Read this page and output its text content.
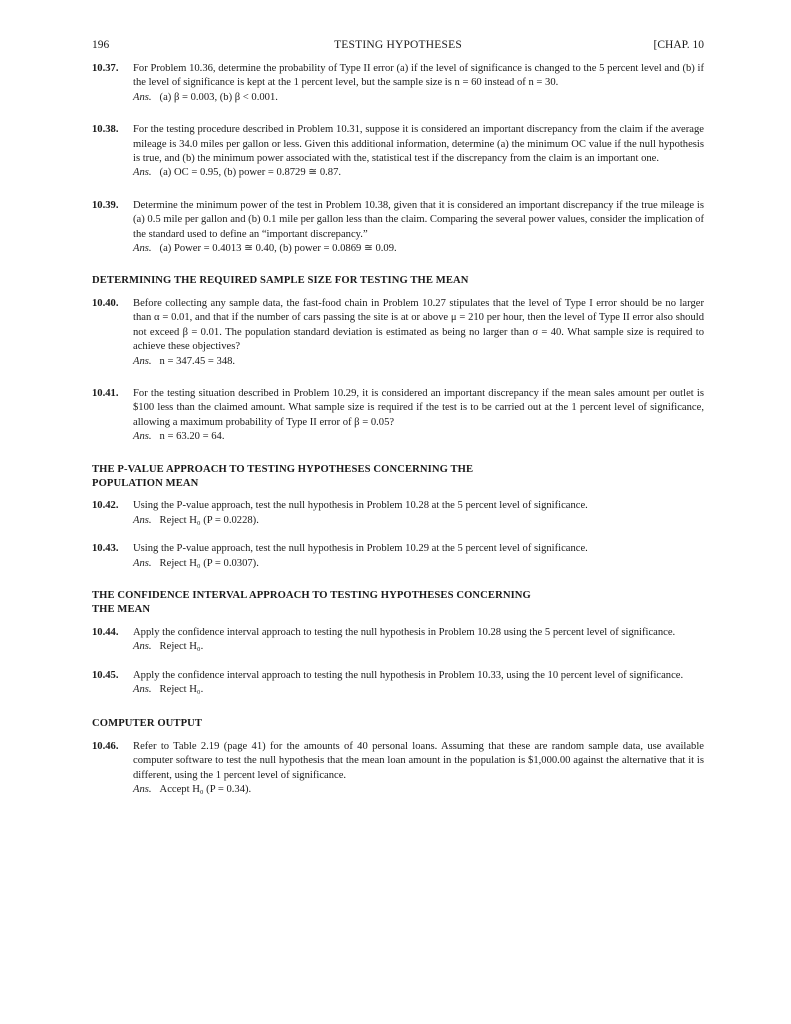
196	TESTING HYPOTHESES	[CHAP. 10
10.37. For Problem 10.36, determine the probability of Type II error (a) if the level of significance is changed to the 5 percent level and (b) if the level of significance is kept at the 1 percent level, but the sample size is n = 60 instead of n = 30.

Ans. (a) β = 0.003, (b) β < 0.001.

10.38. For the testing procedure described in Problem 10.31, suppose it is considered an important discrepancy from the claim if the average mileage is 34.0 miles per gallon or less. Given this additional information, determine (a) the minimum OC value if the null hypothesis is true, and (b) the minimum power associated with the, statistical test if the discrepancy from the claim is an important one.

Ans. (a) OC = 0.95, (b) power = 0.8729 ≅ 0.87.

10.39. Determine the minimum power of the test in Problem 10.38, given that it is considered an important discrepancy if the true mileage is (a) 0.5 mile per gallon and (b) 0.1 mile per gallon less than the claim. Comparing the several power values, consider the implication of the standard used to define an “important discrepancy.”

Ans. (a) Power = 0.4013 ≅ 0.40, (b) power = 0.0869 ≅ 0.09.

DETERMINING THE REQUIRED SAMPLE SIZE FOR TESTING THE MEAN
10.40. Before collecting any sample data, the fast-food chain in Problem 10.27 stipulates that the level of Type I error should be no larger than α = 0.01, and that if the number of cars passing the site is at or above μ = 210 per hour, then the level of Type II error also should not exceed β = 0.01. The population standard deviation is estimated as being no larger than σ = 40. What sample size is required to achieve these objectives?

Ans. n = 347.45 = 348.

10.41. For the testing situation described in Problem 10.29, it is considered an important discrepancy if the mean sales amount per outlet is $100 less than the claimed amount. What sample size is required if the test is to be carried out at the 1 percent level of significance, allowing a maximum probability of Type II error of β = 0.05?

Ans. n = 63.20 = 64.

THE P-VALUE APPROACH TO TESTING HYPOTHESES CONCERNING THE
POPULATION MEAN
10.42. Using the P-value approach, test the null hypothesis in Problem 10.28 at the 5 percent level of significance.

Ans. Reject H₀ (P = 0.0228).

10.43. Using the P-value approach, test the null hypothesis in Problem 10.29 at the 5 percent level of significance.

Ans. Reject H₀ (P = 0.0307).

THE CONFIDENCE INTERVAL APPROACH TO TESTING HYPOTHESES CONCERNING
THE MEAN
10.44. Apply the confidence interval approach to testing the null hypothesis in Problem 10.28 using the 5 percent level of significance.

Ans. Reject H₀.

10.45. Apply the confidence interval approach to testing the null hypothesis in Problem 10.33, using the 10 percent level of significance.

Ans. Reject H₀.

COMPUTER OUTPUT
10.46. Refer to Table 2.19 (page 41) for the amounts of 40 personal loans. Assuming that these are random sample data, use available computer software to test the null hypothesis that the mean loan amount in the population is $1,000.00 against the alternative that it is different, using the 1 percent level of significance.

Ans. Accept H₀ (P = 0.34).
